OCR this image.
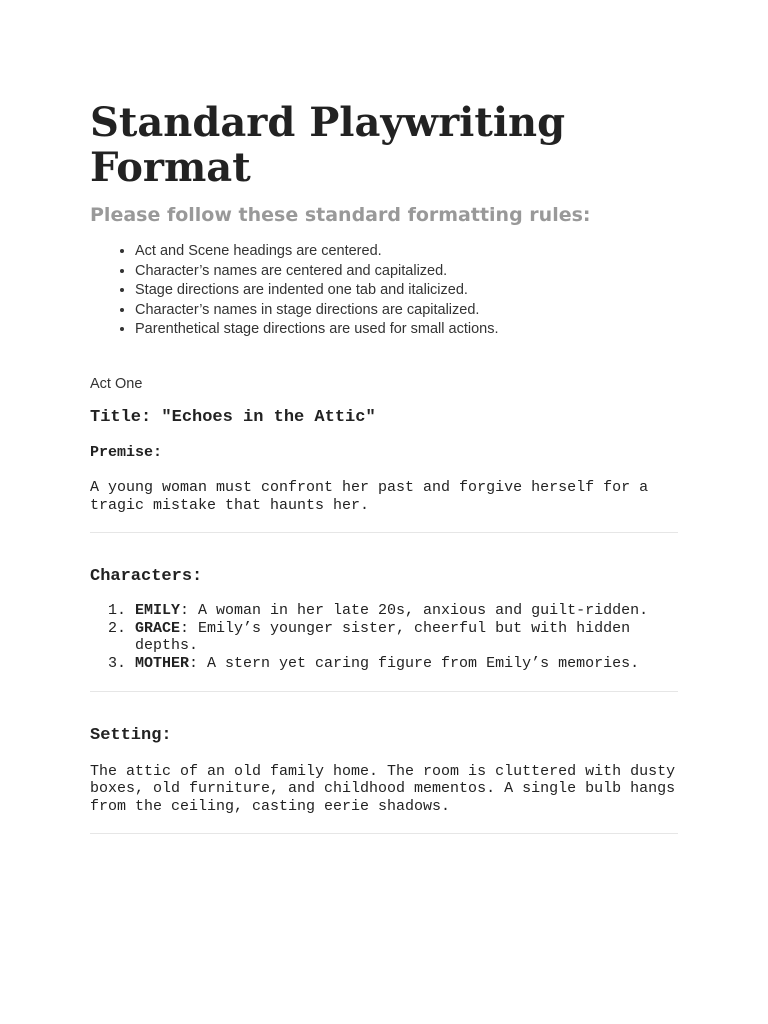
Standard Playwriting Format
Please follow these standard formatting rules:
• Act and Scene headings are centered.
• Character’s names are centered and capitalized.
• Stage directions are indented one tab and italicized.
• Character’s names in stage directions are capitalized.
• Parenthetical stage directions are used for small actions.
Act One
Title: "Echoes in the Attic"
Premise:
A young woman must confront her past and forgive herself for a tragic mistake that haunts her.
Characters:
1. EMILY: A woman in her late 20s, anxious and guilt-ridden.
2. GRACE: Emily’s younger sister, cheerful but with hidden depths.
3. MOTHER: A stern yet caring figure from Emily’s memories.
Setting:
The attic of an old family home. The room is cluttered with dusty boxes, old furniture, and childhood mementos. A single bulb hangs from the ceiling, casting eerie shadows.
